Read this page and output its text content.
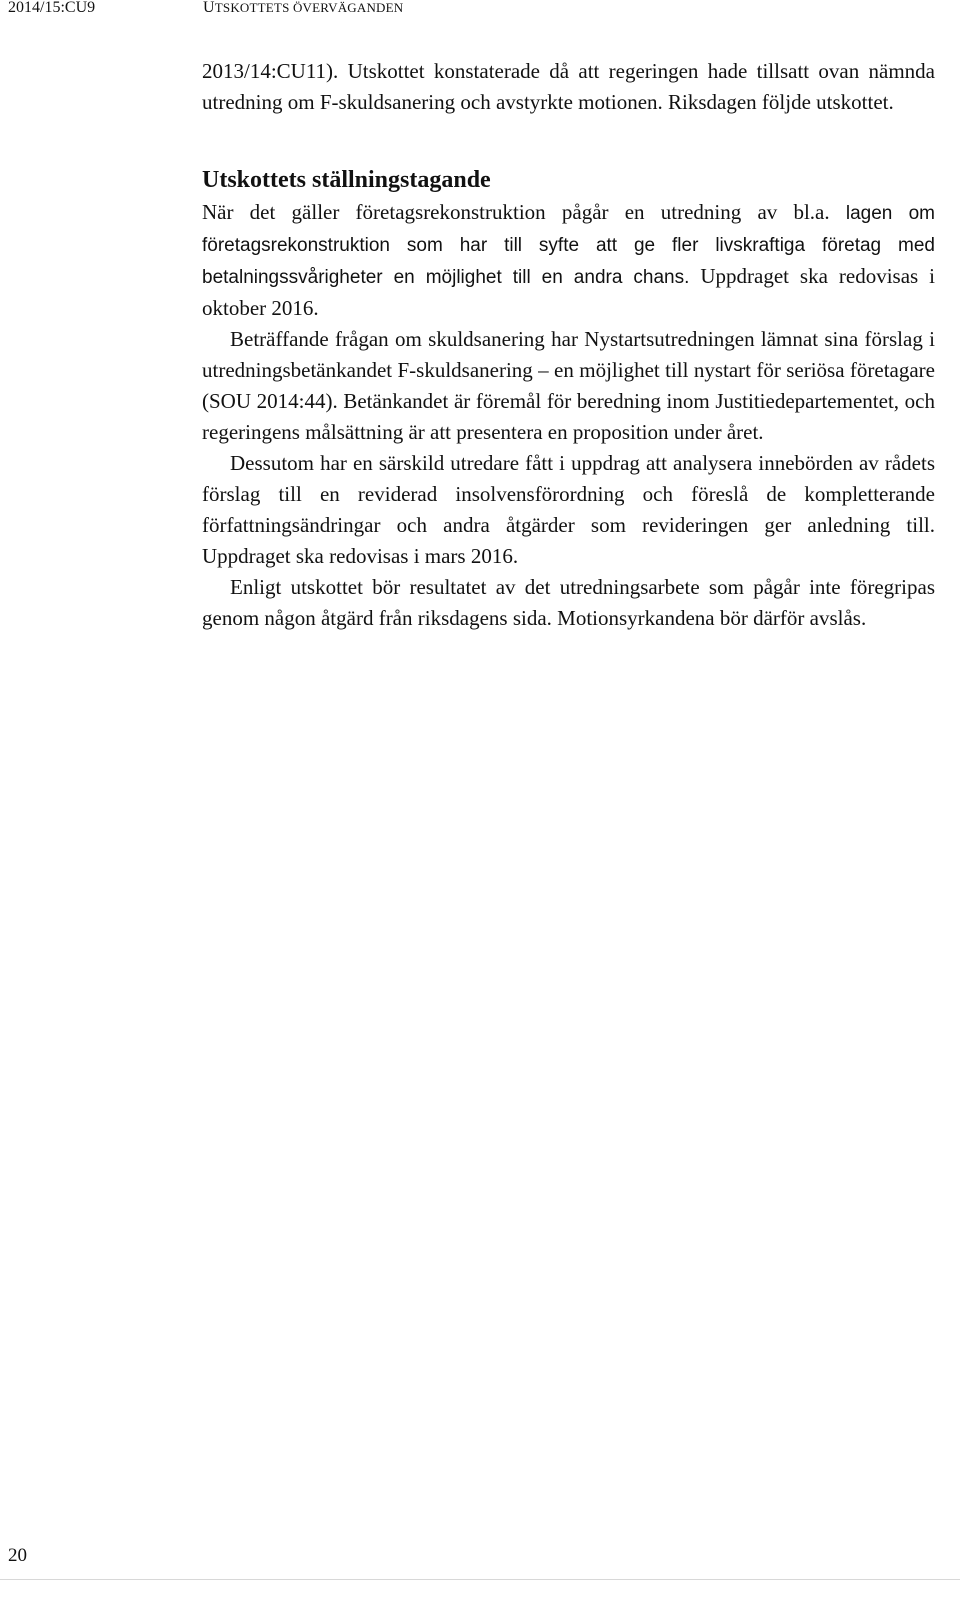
2014/15:CU9	UTSKOTTETS ÖVERVÄGANDEN

2013/14:CU11). Utskottet konstaterade då att regeringen hade tillsatt ovan nämnda utredning om F-skuldsanering och avstyrkte motionen. Riksdagen följde utskottet.

Utskottets ställningstagande

När det gäller företagsrekonstruktion pågår en utredning av bl.a. lagen om företagsrekonstruktion som har till syfte att ge fler livskraftiga företag med betalningssvårigheter en möjlighet till en andra chans. Uppdraget ska redovisas i oktober 2016.

Beträffande frågan om skuldsanering har Nystartsutredningen lämnat sina förslag i utredningsbetänkandet F-skuldsanering – en möjlighet till nystart för seriösa företagare (SOU 2014:44). Betänkandet är föremål för beredning inom Justitiedepartementet, och regeringens målsättning är att presentera en proposition under året.

Dessutom har en särskild utredare fått i uppdrag att analysera innebörden av rådets förslag till en reviderad insolvensförordning och föreslå de kompletterande författningsändringar och andra åtgärder som revideringen ger anledning till. Uppdraget ska redovisas i mars 2016.

Enligt utskottet bör resultatet av det utredningsarbete som pågår inte föregripas genom någon åtgärd från riksdagens sida. Motionsyrkandena bör därför avslås.

20
